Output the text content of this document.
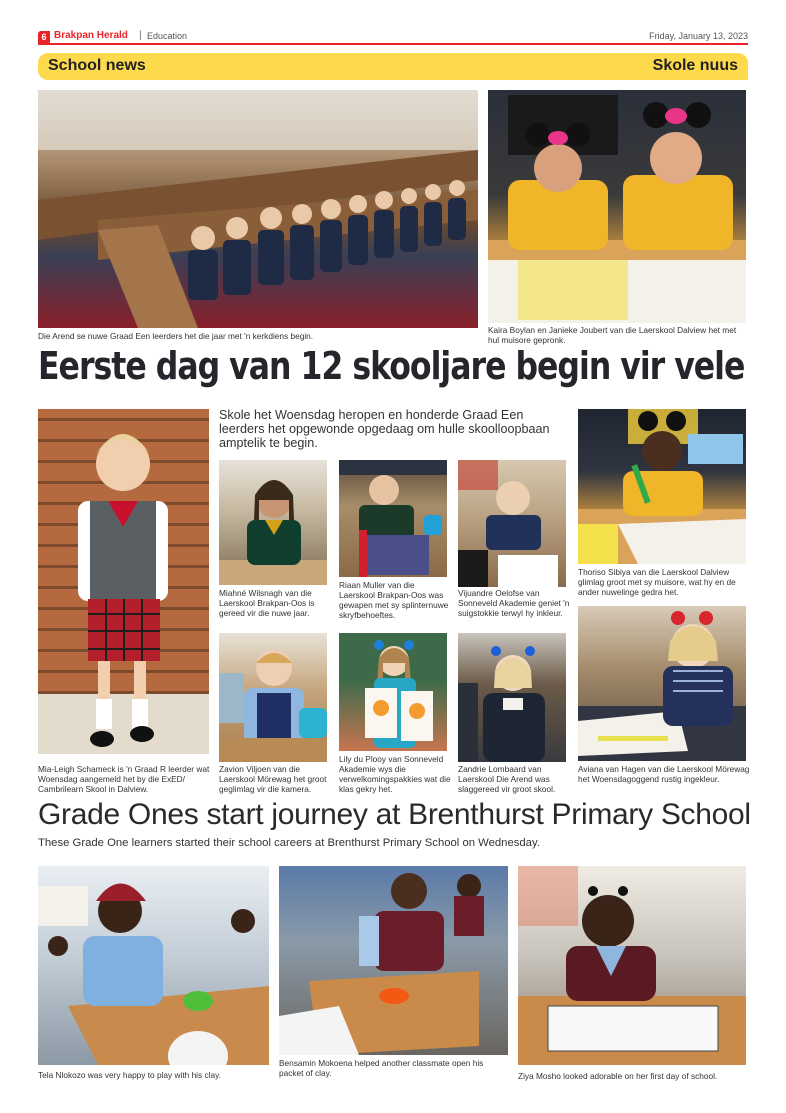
6 Brakpan Herald | Education	Friday, January 13, 2023
School news	Skole nuus
Die Arend se nuwe Graad Een leerders het die jaar met 'n kerkdiens begin.
Kaira Boylan en Janieke Joubert van die Laerskool Dalview het met hul muisore gepronk.
Eerste dag van 12 skooljare begin vir vele
Skole het Woensdag heropen en honderde Graad Een leerders het opgewonde opgedaag om hulle skoolloopbaan amptelik te begin.
Mia-Leigh Schameck is 'n Graad R leerder wat Woensdag aangemeld het by die ExED/ Cambrilearn Skool in Dalview.
Miahné Wilsnagh van die Laerskool Brakpan-Oos is gereed vir die nuwe jaar.
Riaan Muller van die Laerskool Brakpan-Oos was gewapen met sy splinternuwe skryfbehoeftes.
Vijuandre Oelofse van Sonneveld Akademie geniet 'n suigstokkie terwyl hy inkleur.
Thoriso Sibiya van die Laerskool Dalview glimlag groot met sy muisore, wat hy en de ander nuwelinge gedra het.
Zavion Viljoen van die Laerskool Mörewag het groot geglimlag vir die kamera.
Lily du Plooy van Sonneveld Akademie wys die verwelkomingspakkies wat die klas gekry het.
Zandrie Lombaard van Laerskool Die Arend was slaggereed vir groot skool.
Aviana van Hagen van die Laerskool Mörewag het Woensdagoggend rustig ingekleur.
Grade Ones start journey at Brenthurst Primary School
These Grade One learners started their school careers at Brenthurst Primary School on Wednesday.
Tela Nlokozo was very happy to play with his clay.
Bensamin Mokoena helped another classmate open his packet of clay.	Ziya Mosho looked adorable on her first day of school.
